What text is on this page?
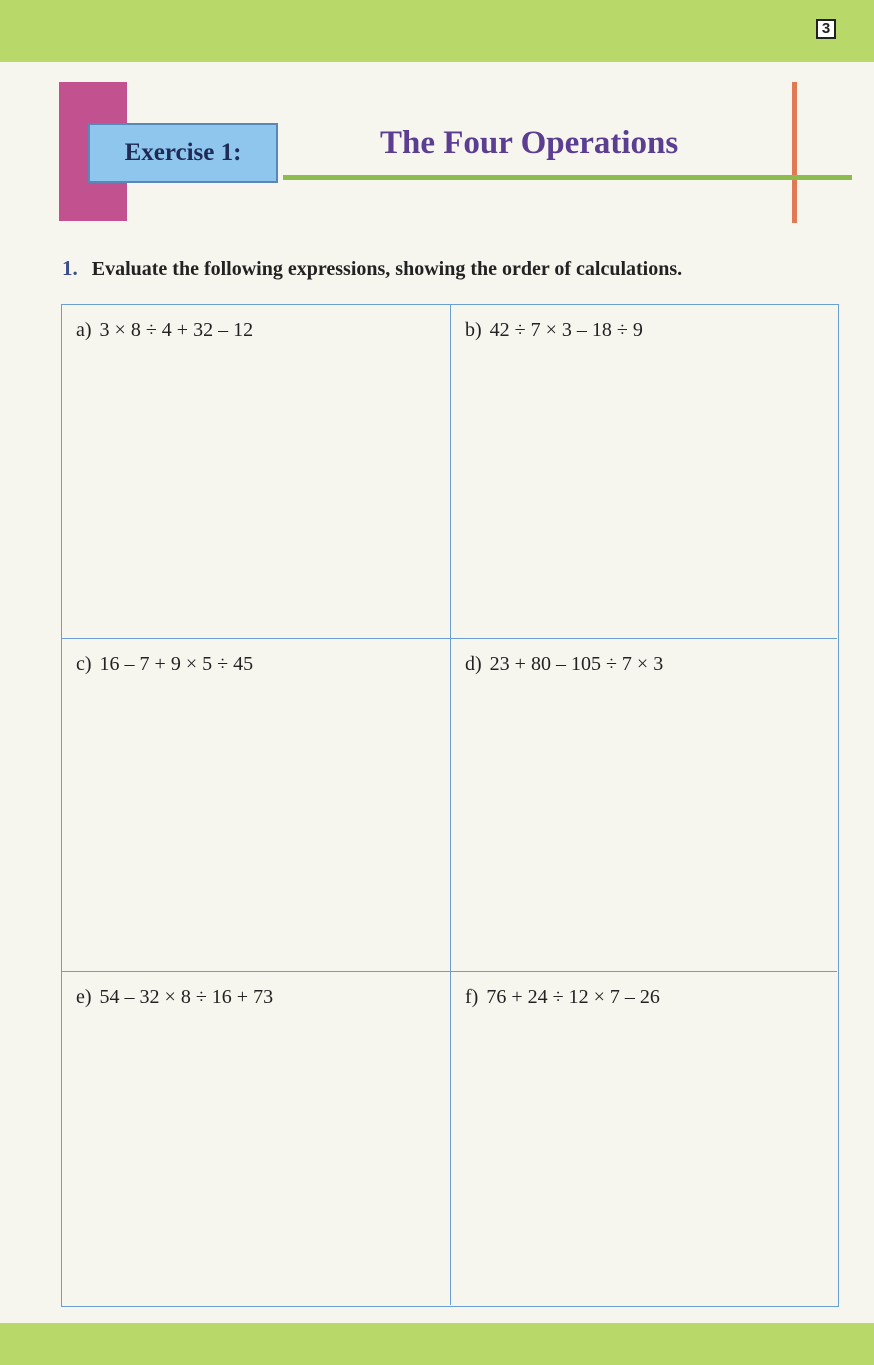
3
Exercise 1:	The Four Operations
1. Evaluate the following expressions, showing the order of calculations.
a) 3 × 8 ÷ 4 + 32 – 12	b) 42 ÷ 7 × 3 – 18 ÷ 9
c) 16 – 7 + 9 × 5 ÷ 45	d) 23 + 80 – 105 ÷ 7 × 3
e) 54 – 32 × 8 ÷ 16 + 73	f) 76 + 24 ÷ 12 × 7 – 26
